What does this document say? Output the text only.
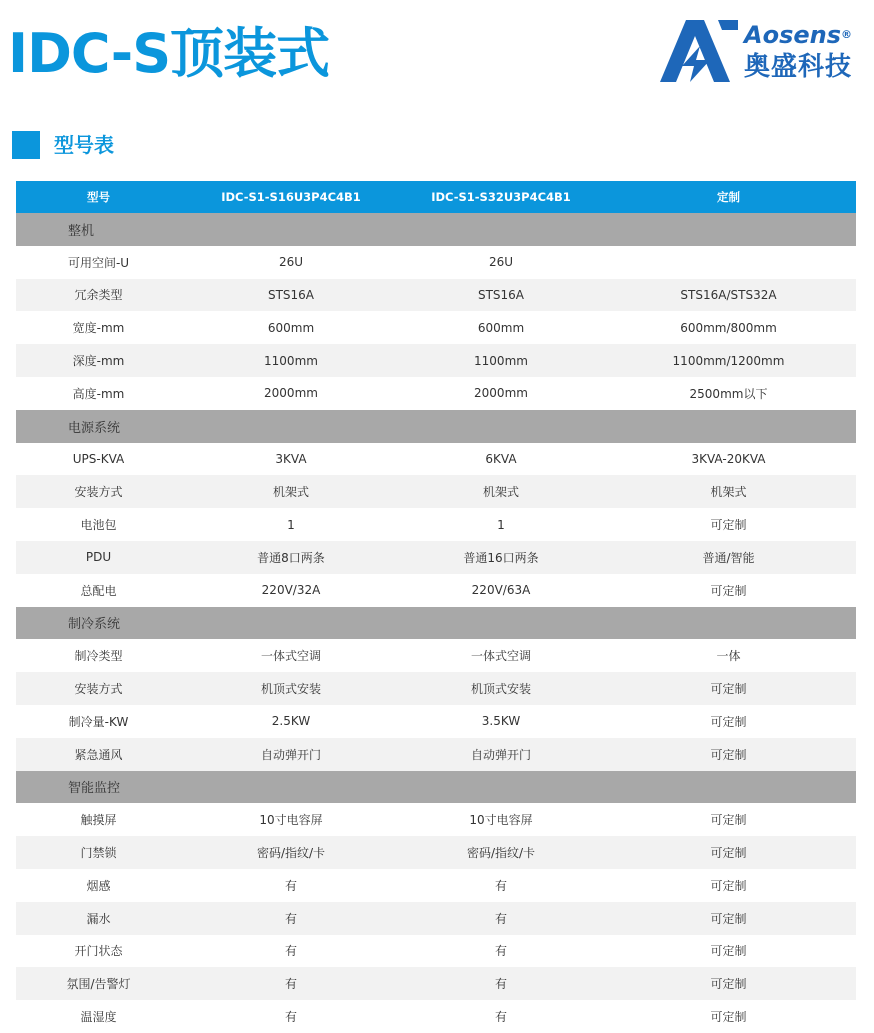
IDC-S顶装式	Aosens®
奥盛科技
型号表
型号	IDC-S1-S16U3P4C4B1	IDC-S1-S32U3P4C4B1	定制
整机
可用空间-U	26U	26U
冗余类型	STS16A	STS16A	STS16A/STS32A
宽度-mm	600mm	600mm	600mm/800mm
深度-mm	1100mm	1100mm	1100mm/1200mm
高度-mm	2000mm	2000mm	2500mm以下
电源系统
UPS-KVA	3KVA	6KVA	3KVA-20KVA
安装方式	机架式	机架式	机架式
电池包	1	1	可定制
PDU	普通8口两条	普通16口两条	普通/智能
总配电	220V/32A	220V/63A	可定制
制冷系统
制冷类型	一体式空调	一体式空调	一体
安装方式	机顶式安装	机顶式安装	可定制
制冷量-KW	2.5KW	3.5KW	可定制
紧急通风	自动弹开门	自动弹开门	可定制
智能监控
触摸屏	10寸电容屏	10寸电容屏	可定制
门禁锁	密码/指纹/卡	密码/指纹/卡	可定制
烟感	有	有	可定制
漏水	有	有	可定制
开门状态	有	有	可定制
氛围/告警灯	有	有	可定制
温湿度	有	有	可定制
